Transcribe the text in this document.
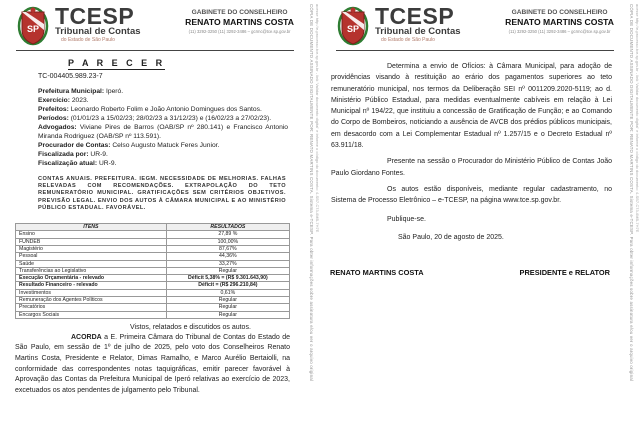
SP TCESP
Tribunal de Contas
do Estado de São Paulo
GABINETE DO CONSELHEIRO
RENATO MARTINS COSTA
(11) 3292-3250 (11) 3292-3486 – gcrmc@tce.sp.gov.br
P A R E C E R
TC-004405.989.23-7

Prefeitura Municipal: Iperó.

Exercício: 2023.

Prefeitos: Leonardo Roberto Folim e João Antonio Domingues dos Santos.

Períodos: (01/01/23 a 15/02/23; 28/02/23 a 31/12/23) e (16/02/23 a 27/02/23).

Advogados: Viviane Pires de Barros (OAB/SP nº 280.141) e Francisco Antonio Miranda Rodriguez (OAB/SP nº 113.591).

Procurador de Contas: Celso Augusto Matuck Feres Junior.

Fiscalizada por: UR-9.

Fiscalização atual: UR-9.

CONTAS ANUAIS. PREFEITURA. IEGM. NECESSIDADE DE MELHORIAS. FALHAS RELEVADAS COM RECOMENDAÇÕES. EXTRAPOLAÇÃO DO TETO REMUNERATÓRIO MUNICIPAL. GRATIFICAÇÕES SEM CRITÉRIOS OBJETIVOS. PREVISÃO LEGAL. ENVIO DOS AUTOS À CÂMARA MUNICIPAL E AO MINISTÉRIO PÚBLICO ESTADUAL. FAVORÁVEL.
ITENS	RESULTADOS
Ensino	27,89 %
FUNDEB	100,00%
Magistério	87,67%
Pessoal	44,36%
Saúde	33,27%
Transferências ao Legislativo	Regular
Execução Orçamentária - relevado	Déficit 5,38% = (R$ 9.301.643,90)
Resultado Financeiro - relevado	Déficit = (R$ 296.210,84)
Investimentos	0,61%
Remuneração dos Agentes Políticos	Regular
Precatórios	Regular
Encargos Sociais	Regular
Vistos, relatados e discutidos os autos.

ACORDA a E. Primeira Câmara do Tribunal de Contas do Estado de São Paulo, em sessão de 1º de julho de 2025, pelo voto dos Conselheiros Renato Martins Costa, Presidente e Relator, Dimas Ramalho, e Marco Aurélio Bertaiolli, na conformidade das correspondentes notas taquigráficas, emitir parecer favorável à Aprovação das Contas da Prefeitura Municipal de Iperó relativas ao exercício de 2023, excetuados os atos pendentes de julgamento pelo Tribunal.

CÓPIA DE DOCUMENTO ASSINADO DIGITALMENTE POR: RENATO MARTINS COSTA. Sistema e-TCESP. Para obter informações sobre assinatura e/ou ver o arquivo original acesse http://e-processo.tce.sp.gov.br - link 'Validar documento digital' e informe o código do documento: 4-SB7-C73-6MB-7H7E	SP TCESP
Tribunal de Contas
do Estado de São Paulo
GABINETE DO CONSELHEIRO
RENATO MARTINS COSTA
(11) 3292-3250 (11) 3292-3486 – gcrmc@tce.sp.gov.br

Determina a envio de Ofícios: à Câmara Municipal, para adoção de providências visando à restituição ao erário dos pagamentos superiores ao teto remuneratório municipal, nos termos da Deliberação SEI nº 0011209.2020-5119; ao d. Ministério Público Estadual, para medidas eventualmente cabíveis em relação à Lei Municipal nº 194/22, que instituiu a concessão de Gratificação de Função; e ao Comando do Corpo de Bombeiros, noticiando a ausência de AVCB dos prédios públicos municipais, em desacordo com a Lei Complementar Estadual nº 1.257/15 e o Decreto Estadual nº 63.911/18.

Presente na sessão o Procurador do Ministério Público de Contas João Paulo Giordano Fontes.

Os autos estão disponíveis, mediante regular cadastramento, no Sistema de Processo Eletrônico – e-TCESP, na página www.tce.sp.gov.br.

Publique-se.
São Paulo, 20 de agosto de 2025.
RENATO MARTINS COSTA	PRESIDENTE e RELATOR	CÓPIA DE DOCUMENTO ASSINADO DIGITALMENTE POR: RENATO MARTINS COSTA. Sistema e-TCESP. Para obter informações sobre assinatura e/ou ver o arquivo original acesse http://e-processo.tce.sp.gov.br - link 'Validar documento digital' e informe o código do documento: 4-SB7-C73-6MB-7H7E
